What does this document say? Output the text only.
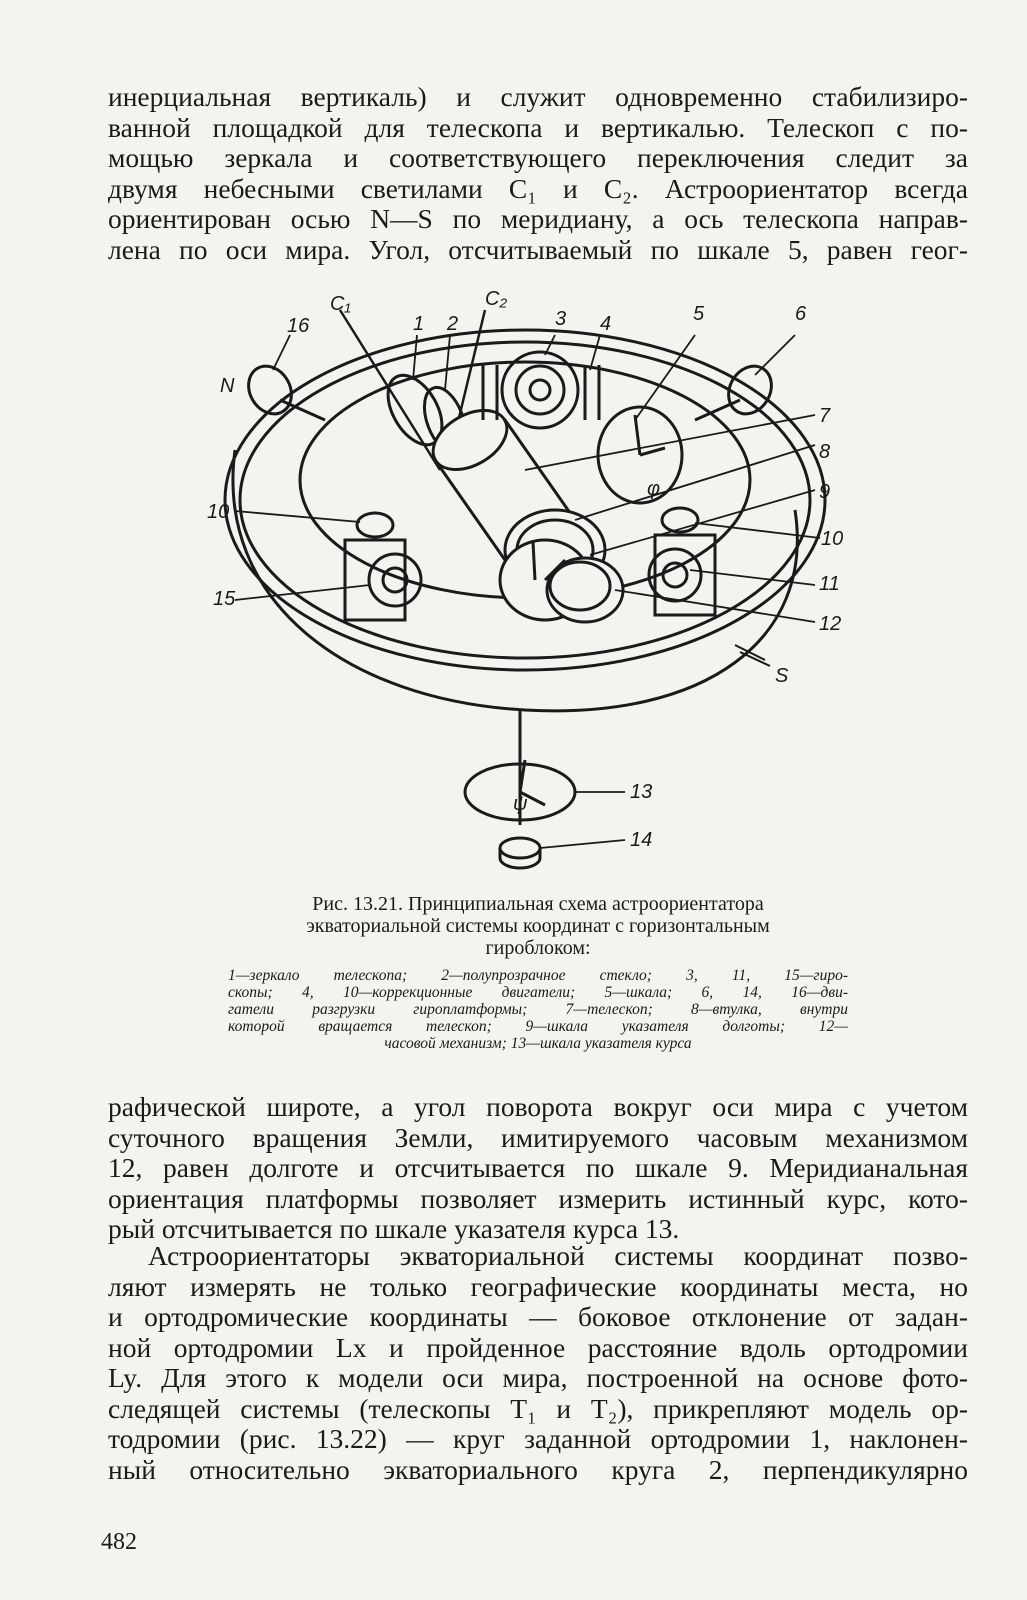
инерциальная вертикаль) и служит одновременно стабилизиро-
ванной площадкой для телескопа и вертикалью. Телескоп с по-
мощью зеркала и соответствующего переключения следит за
двумя небесными светилами C₁ и C₂. Астроориентатор всегда
ориентирован осью N—S по меридиану, а ось телескопа направ-
лена по оси мира. Угол, отсчитываемый по шкале 5, равен геог-
C₁	C₂
16	1 2	3 4	5	6
N
7
8
9
10
10
11
15
12
S
13
14
φ
ψ
Рис. 13.21. Принципиальная схема астроориентатора
экваториальной системы координат с горизонтальным
гироблоком:
1—зеркало телескопа; 2—полупрозрачное стекло; 3, 11, 15—гиро-
скопы; 4, 10—коррекционные двигатели; 5—шкала; 6, 14, 16—дви-
гатели разгрузки гироплатформы; 7—телескоп; 8—втулка, внутри
которой вращается телескоп; 9—шкала указателя долготы; 12—
часовой механизм; 13—шкала указателя курса
рафической широте, а угол поворота вокруг оси мира с учетом
суточного вращения Земли, имитируемого часовым механизмом
12, равен долготе и отсчитывается по шкале 9. Меридианальная
ориентация платформы позволяет измерить истинный курс, кото-
рый отсчитывается по шкале указателя курса 13.
Астроориентаторы экваториальной системы координат позво-
ляют измерять не только географические координаты места, но
и ортодромические координаты — боковое отклонение от задан-
ной ортодромии Lx и пройденное расстояние вдоль ортодромии
Ly. Для этого к модели оси мира, построенной на основе фото-
следящей системы (телескопы T₁ и T₂), прикрепляют модель ор-
тодромии (рис. 13.22) — круг заданной ортодромии 1, наклонен-
ный относительно экваториального круга 2, перпендикулярно
482
